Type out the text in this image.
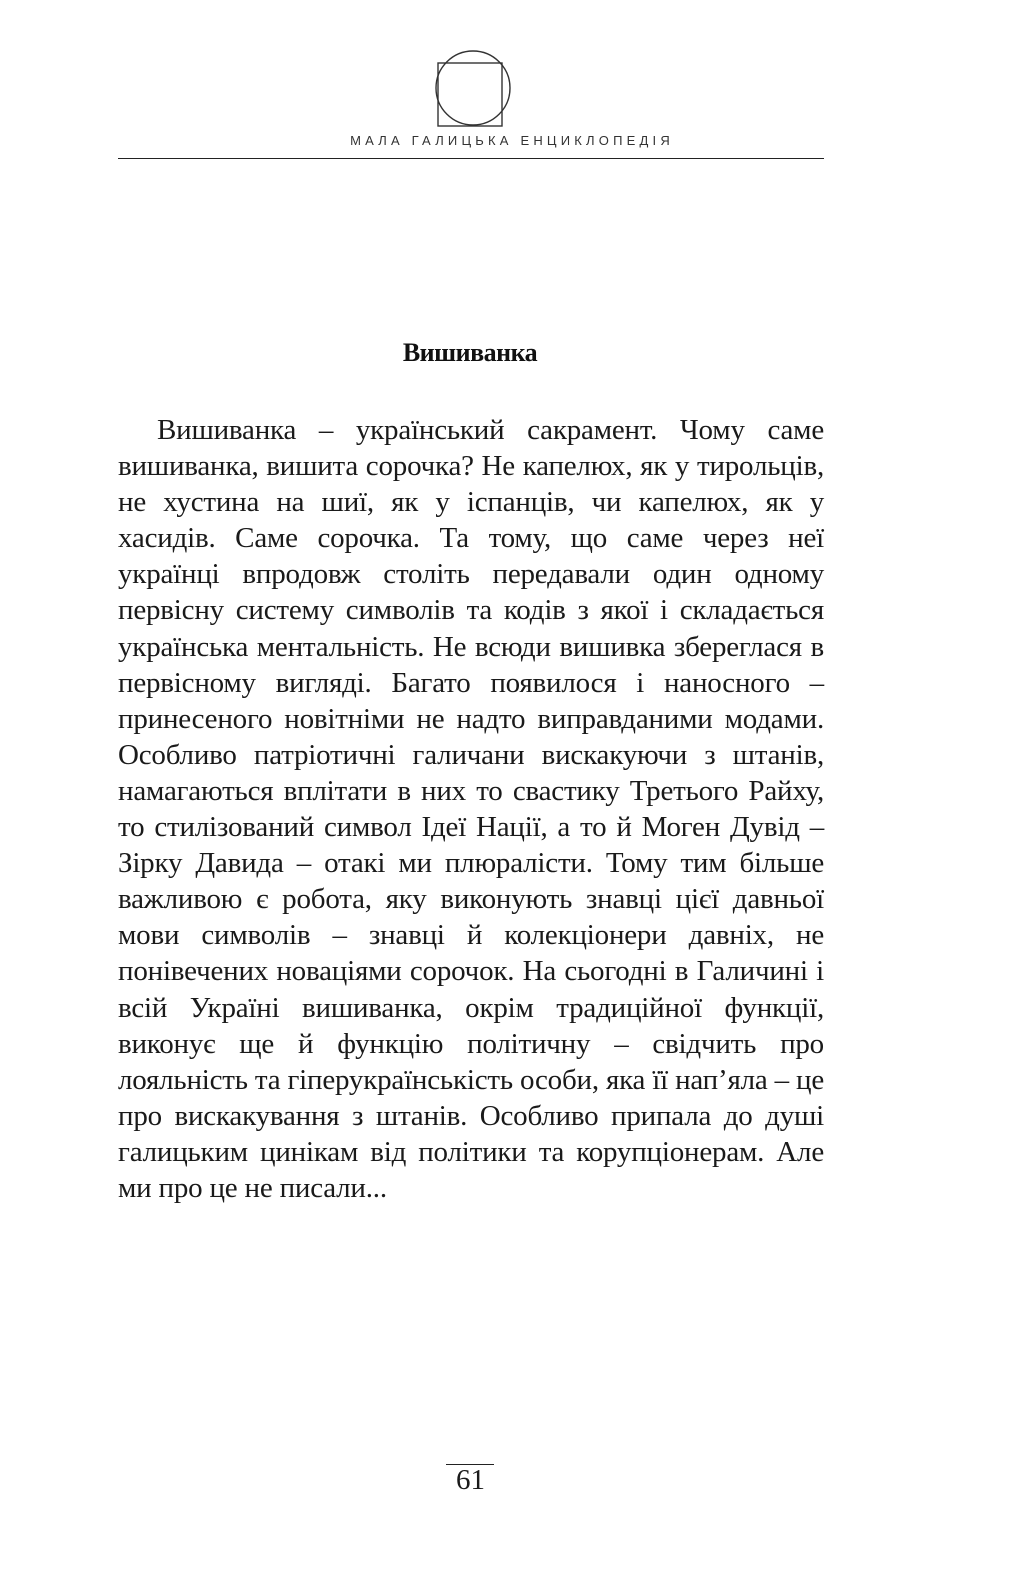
МАЛА ГАЛИЦЬКА ЕНЦИКЛОПЕДІЯ
Вишиванка

Вишиванка – український сакрамент. Чому саме вишиванка, вишита сорочка? Не капелюх, як у тирольців, не хустина на шиї, як у іспанців, чи капелюх, як у хасидів. Саме сорочка. Та тому, що саме через неї українці впродовж століть передавали один одному первісну систему символів та кодів з якої і складається українська ментальність. Не всюди вишивка збереглася в первісному вигляді. Багато появилося і наносного – принесеного новітніми не надто виправданими модами. Особливо патріотичні галичани вискакуючи з штанів, намагаються вплітати в них то свастику Третього Райху, то стилізований символ Ідеї Нації, а то й Моген Дувід – Зірку Давида – отакі ми плюралісти. Тому тим більше важливою є робота, яку виконують знавці цієї давньої мови символів – знавці й колекціонери давніх, не понівечених новаціями сорочок. На сьогодні в Галичині і всій Україні вишиванка, окрім традиційної функції, виконує ще й функцію політичну – свідчить про лояльність та гіперукраїнськість особи, яка її нап’яла – це про вискакування з штанів. Особливо припала до душі галицьким цинікам від політики та корупціонерам. Але ми про це не писали...

61
